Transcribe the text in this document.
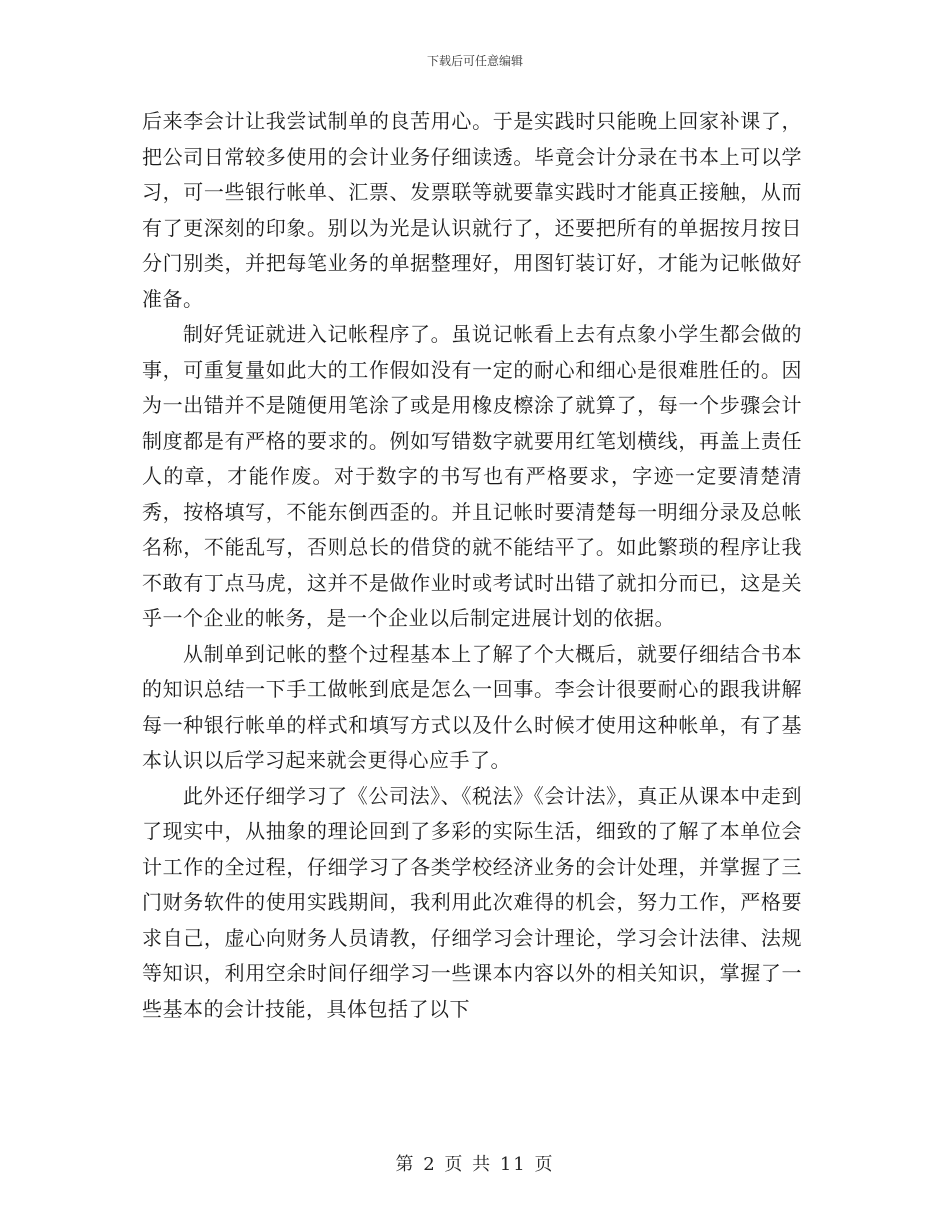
下载后可任意编辑

后来李会计让我尝试制单的良苦用心。于是实践时只能晚上回家补课了，把公司日常较多使用的会计业务仔细读透。毕竟会计分录在书本上可以学习，可一些银行帐单、汇票、发票联等就要靠实践时才能真正接触，从而有了更深刻的印象。别以为光是认识就行了，还要把所有的单据按月按日分门别类，并把每笔业务的单据整理好，用图钉装订好，才能为记帐做好准备。

制好凭证就进入记帐程序了。虽说记帐看上去有点象小学生都会做的事，可重复量如此大的工作假如没有一定的耐心和细心是很难胜任的。因为一出错并不是随便用笔涂了或是用橡皮檫涂了就算了，每一个步骤会计制度都是有严格的要求的。例如写错数字就要用红笔划横线，再盖上责任人的章，才能作废。对于数字的书写也有严格要求，字迹一定要清楚清秀，按格填写，不能东倒西歪的。并且记帐时要清楚每一明细分录及总帐名称，不能乱写，否则总长的借贷的就不能结平了。如此繁琐的程序让我不敢有丁点马虎，这并不是做作业时或考试时出错了就扣分而已，这是关乎一个企业的帐务，是一个企业以后制定进展计划的依据。

从制单到记帐的整个过程基本上了解了个大概后，就要仔细结合书本的知识总结一下手工做帐到底是怎么一回事。李会计很要耐心的跟我讲解每一种银行帐单的样式和填写方式以及什么时候才使用这种帐单，有了基本认识以后学习起来就会更得心应手了。

此外还仔细学习了《公司法》、《税法》《会计法》，真正从课本中走到了现实中，从抽象的理论回到了多彩的实际生活，细致的了解了本单位会计工作的全过程，仔细学习了各类学校经济业务的会计处理，并掌握了三门财务软件的使用实践期间，我利用此次难得的机会，努力工作，严格要求自己，虚心向财务人员请教，仔细学习会计理论，学习会计法律、法规等知识，利用空余时间仔细学习一些课本内容以外的相关知识，掌握了一些基本的会计技能，具体包括了以下

第 2 页 共 11 页
